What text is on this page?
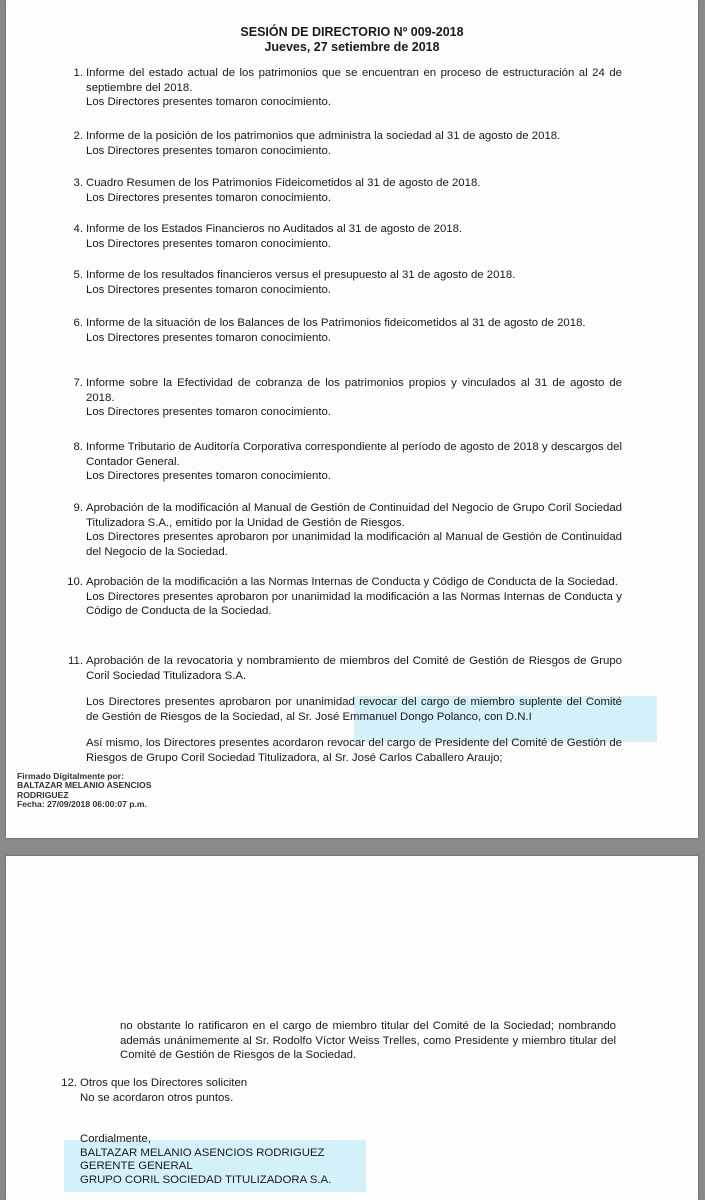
SESIÓN DE DIRECTORIO Nº 009-2018
Jueves, 27 setiembre de 2018
1. Informe del estado actual de los patrimonios que se encuentran en proceso de estructuración al 24 de septiembre del 2018.
Los Directores presentes tomaron conocimiento.
2. Informe de la posición de los patrimonios que administra la sociedad al 31 de agosto de 2018.
Los Directores presentes tomaron conocimiento.
3. Cuadro Resumen de los Patrimonios Fideicometidos al 31 de agosto de 2018.
Los Directores presentes tomaron conocimiento.
4. Informe de los Estados Financieros no Auditados al 31 de agosto de 2018.
Los Directores presentes tomaron conocimiento.
5. Informe de los resultados financieros versus el presupuesto al 31 de agosto de 2018.
Los Directores presentes tomaron conocimiento.
6. Informe de la situación de los Balances de los Patrimonios fideicometidos al 31 de agosto de 2018.
Los Directores presentes tomaron conocimiento.
7. Informe sobre la Efectividad de cobranza de los patrimonios propios y vinculados al 31 de agosto de 2018.
Los Directores presentes tomaron conocimiento.
8. Informe Tributario de Auditoría Corporativa correspondiente al período de agosto de 2018 y descargos del Contador General.
Los Directores presentes tomaron conocimiento.
9. Aprobación de la modificación al Manual de Gestión de Continuidad del Negocio de Grupo Coril Sociedad Titulizadora S.A., emitido por la Unidad de Gestión de Riesgos.
Los Directores presentes aprobaron por unanimidad la modificación al Manual de Gestión de Continuidad del Negocio de la Sociedad.
10. Aprobación de la modificación a las Normas Internas de Conducta y Código de Conducta de la Sociedad.
Los Directores presentes aprobaron por unanimidad la modificación a las Normas Internas de Conducta y Código de Conducta de la Sociedad.
11. Aprobación de la revocatoria y nombramiento de miembros del Comité de Gestión de Riesgos de Grupo Coril Sociedad Titulizadora S.A.
Los Directores presentes aprobaron por unanimidad revocar del cargo de miembro suplente del Comité de Gestión de Riesgos de la Sociedad, al Sr. José Emmanuel Dongo Polanco, con D.N.I
Así mismo, los Directores presentes acordaron revocar del cargo de Presidente del Comité de Gestión de Riesgos de Grupo Coril Sociedad Titulizadora, al Sr. José Carlos Caballero Araujo;
Firmado Digitalmente por:
BALTAZAR MELANIO ASENCIOS
RODRIGUEZ
Fecha: 27/09/2018 06:00:07 p.m.
no obstante lo ratificaron en el cargo de miembro titular del Comité de la Sociedad; nombrando además unánimemente al Sr. Rodolfo Víctor Weiss Trelles, como Presidente y miembro titular del Comité de Gestión de Riesgos de la Sociedad.
12. Otros que los Directores soliciten
No se acordaron otros puntos.
Cordialmente,
BALTAZAR MELANIO ASENCIOS RODRIGUEZ
GERENTE GENERAL
GRUPO CORIL SOCIEDAD TITULIZADORA S.A.
